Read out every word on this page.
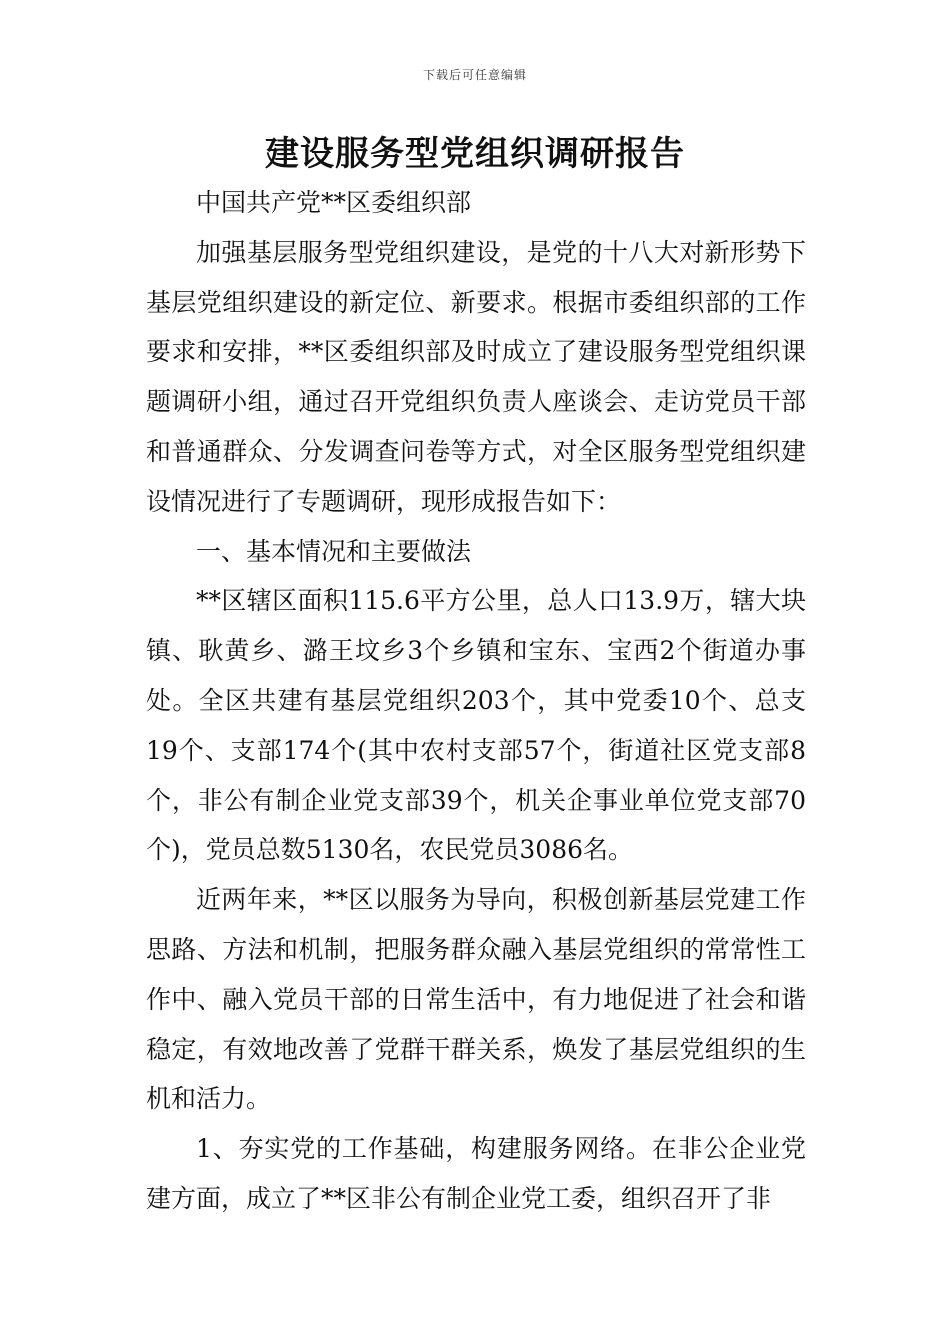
下载后可任意编辑
建设服务型党组织调研报告

中国共产党**区委组织部

加强基层服务型党组织建设，是党的十八大对新形势下基层党组织建设的新定位、新要求。根据市委组织部的工作要求和安排，**区委组织部及时成立了建设服务型党组织课题调研小组，通过召开党组织负责人座谈会、走访党员干部和普通群众、分发调查问卷等方式，对全区服务型党组织建设情况进行了专题调研，现形成报告如下：

一、基本情况和主要做法

**区辖区面积115.6平方公里，总人口13.9万，辖大块镇、耿黄乡、潞王坟乡3个乡镇和宝东、宝西2个街道办事处。全区共建有基层党组织203个，其中党委10个、总支19个、支部174个(其中农村支部57个，街道社区党支部8个，非公有制企业党支部39个，机关企事业单位党支部70个)，党员总数5130名，农民党员3086名。

近两年来，**区以服务为导向，积极创新基层党建工作思路、方法和机制，把服务群众融入基层党组织的常常性工作中、融入党员干部的日常生活中，有力地促进了社会和谐稳定，有效地改善了党群干群关系，焕发了基层党组织的生机和活力。

1、夯实党的工作基础，构建服务网络。在非公企业党建方面，成立了**区非公有制企业党工委，组织召开了非
